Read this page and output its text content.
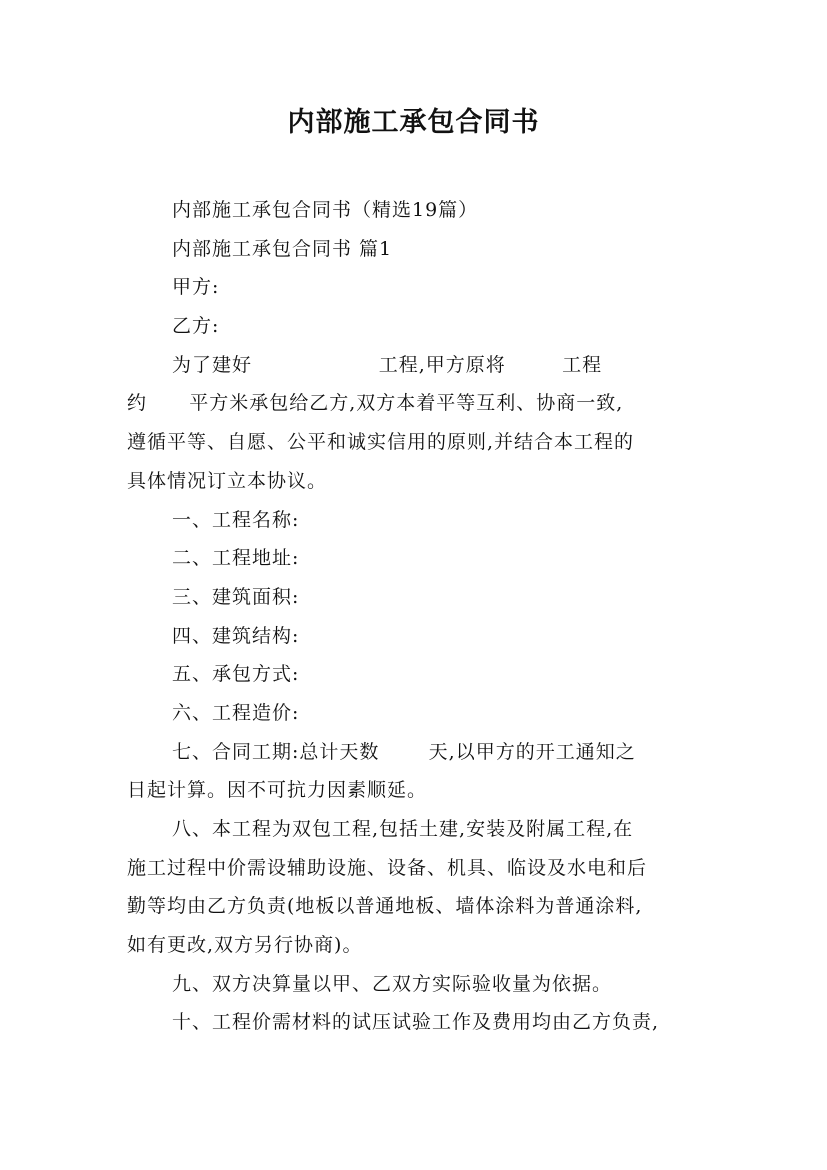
内部施工承包合同书
内部施工承包合同书（精选19篇）
内部施工承包合同书 篇1
甲方:
乙方:
为了建好                  工程,甲方原将        工程
约      平方米承包给乙方,双方本着平等互利、协商一致,
遵循平等、自愿、公平和诚实信用的原则,并结合本工程的
具体情况订立本协议。
一、工程名称:
二、工程地址:
三、建筑面积:
四、建筑结构:
五、承包方式:
六、工程造价:
七、合同工期:总计天数       天,以甲方的开工通知之
日起计算。因不可抗力因素顺延。
八、本工程为双包工程,包括土建,安装及附属工程,在
施工过程中价需设辅助设施、设备、机具、临设及水电和后
勤等均由乙方负责(地板以普通地板、墙体涂料为普通涂料,
如有更改,双方另行协商)。
九、双方决算量以甲、乙双方实际验收量为依据。
十、工程价需材料的试压试验工作及费用均由乙方负责,
